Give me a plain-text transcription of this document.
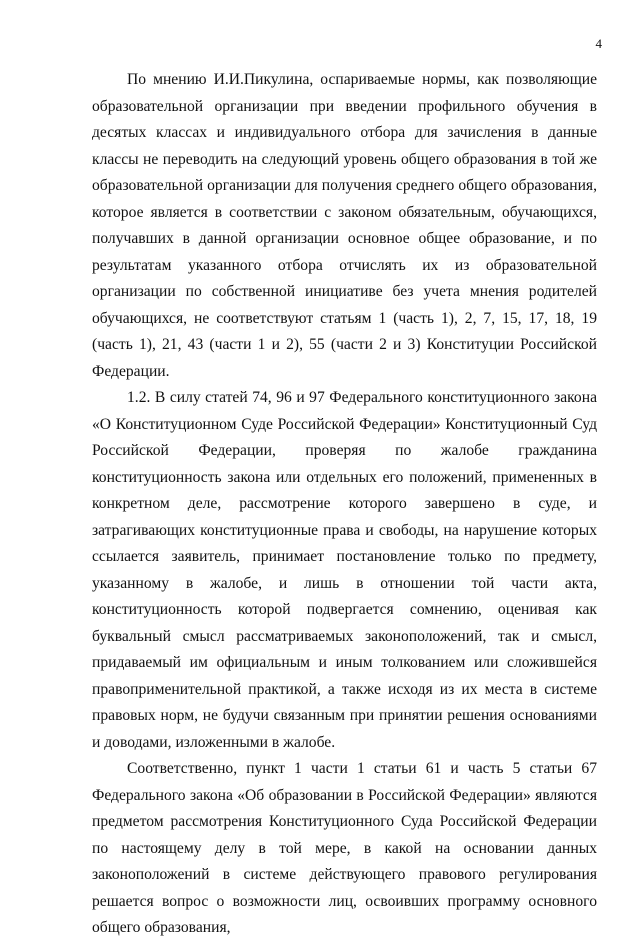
4

По мнению И.И.Пикулина, оспариваемые нормы, как позволяющие образовательной организации при введении профильного обучения в десятых классах и индивидуального отбора для зачисления в данные классы не переводить на следующий уровень общего образования в той же образовательной организации для получения среднего общего образования, которое является в соответствии с законом обязательным, обучающихся, получавших в данной организации основное общее образование, и по результатам указанного отбора отчислять их из образовательной организации по собственной инициативе без учета мнения родителей обучающихся, не соответствуют статьям 1 (часть 1), 2, 7, 15, 17, 18, 19 (часть 1), 21, 43 (части 1 и 2), 55 (части 2 и 3) Конституции Российской Федерации.

1.2. В силу статей 74, 96 и 97 Федерального конституционного закона «О Конституционном Суде Российской Федерации» Конституционный Суд Российской Федерации, проверяя по жалобе гражданина конституционность закона или отдельных его положений, примененных в конкретном деле, рассмотрение которого завершено в суде, и затрагивающих конституционные права и свободы, на нарушение которых ссылается заявитель, принимает постановление только по предмету, указанному в жалобе, и лишь в отношении той части акта, конституционность которой подвергается сомнению, оценивая как буквальный смысл рассматриваемых законоположений, так и смысл, придаваемый им официальным и иным толкованием или сложившейся правоприменительной практикой, а также исходя из их места в системе правовых норм, не будучи связанным при принятии решения основаниями и доводами, изложенными в жалобе.

Соответственно, пункт 1 части 1 статьи 61 и часть 5 статьи 67 Федерального закона «Об образовании в Российской Федерации» являются предметом рассмотрения Конституционного Суда Российской Федерации по настоящему делу в той мере, в какой на основании данных законоположений в системе действующего правового регулирования решается вопрос о возможности лиц, освоивших программу основного общего образования,
